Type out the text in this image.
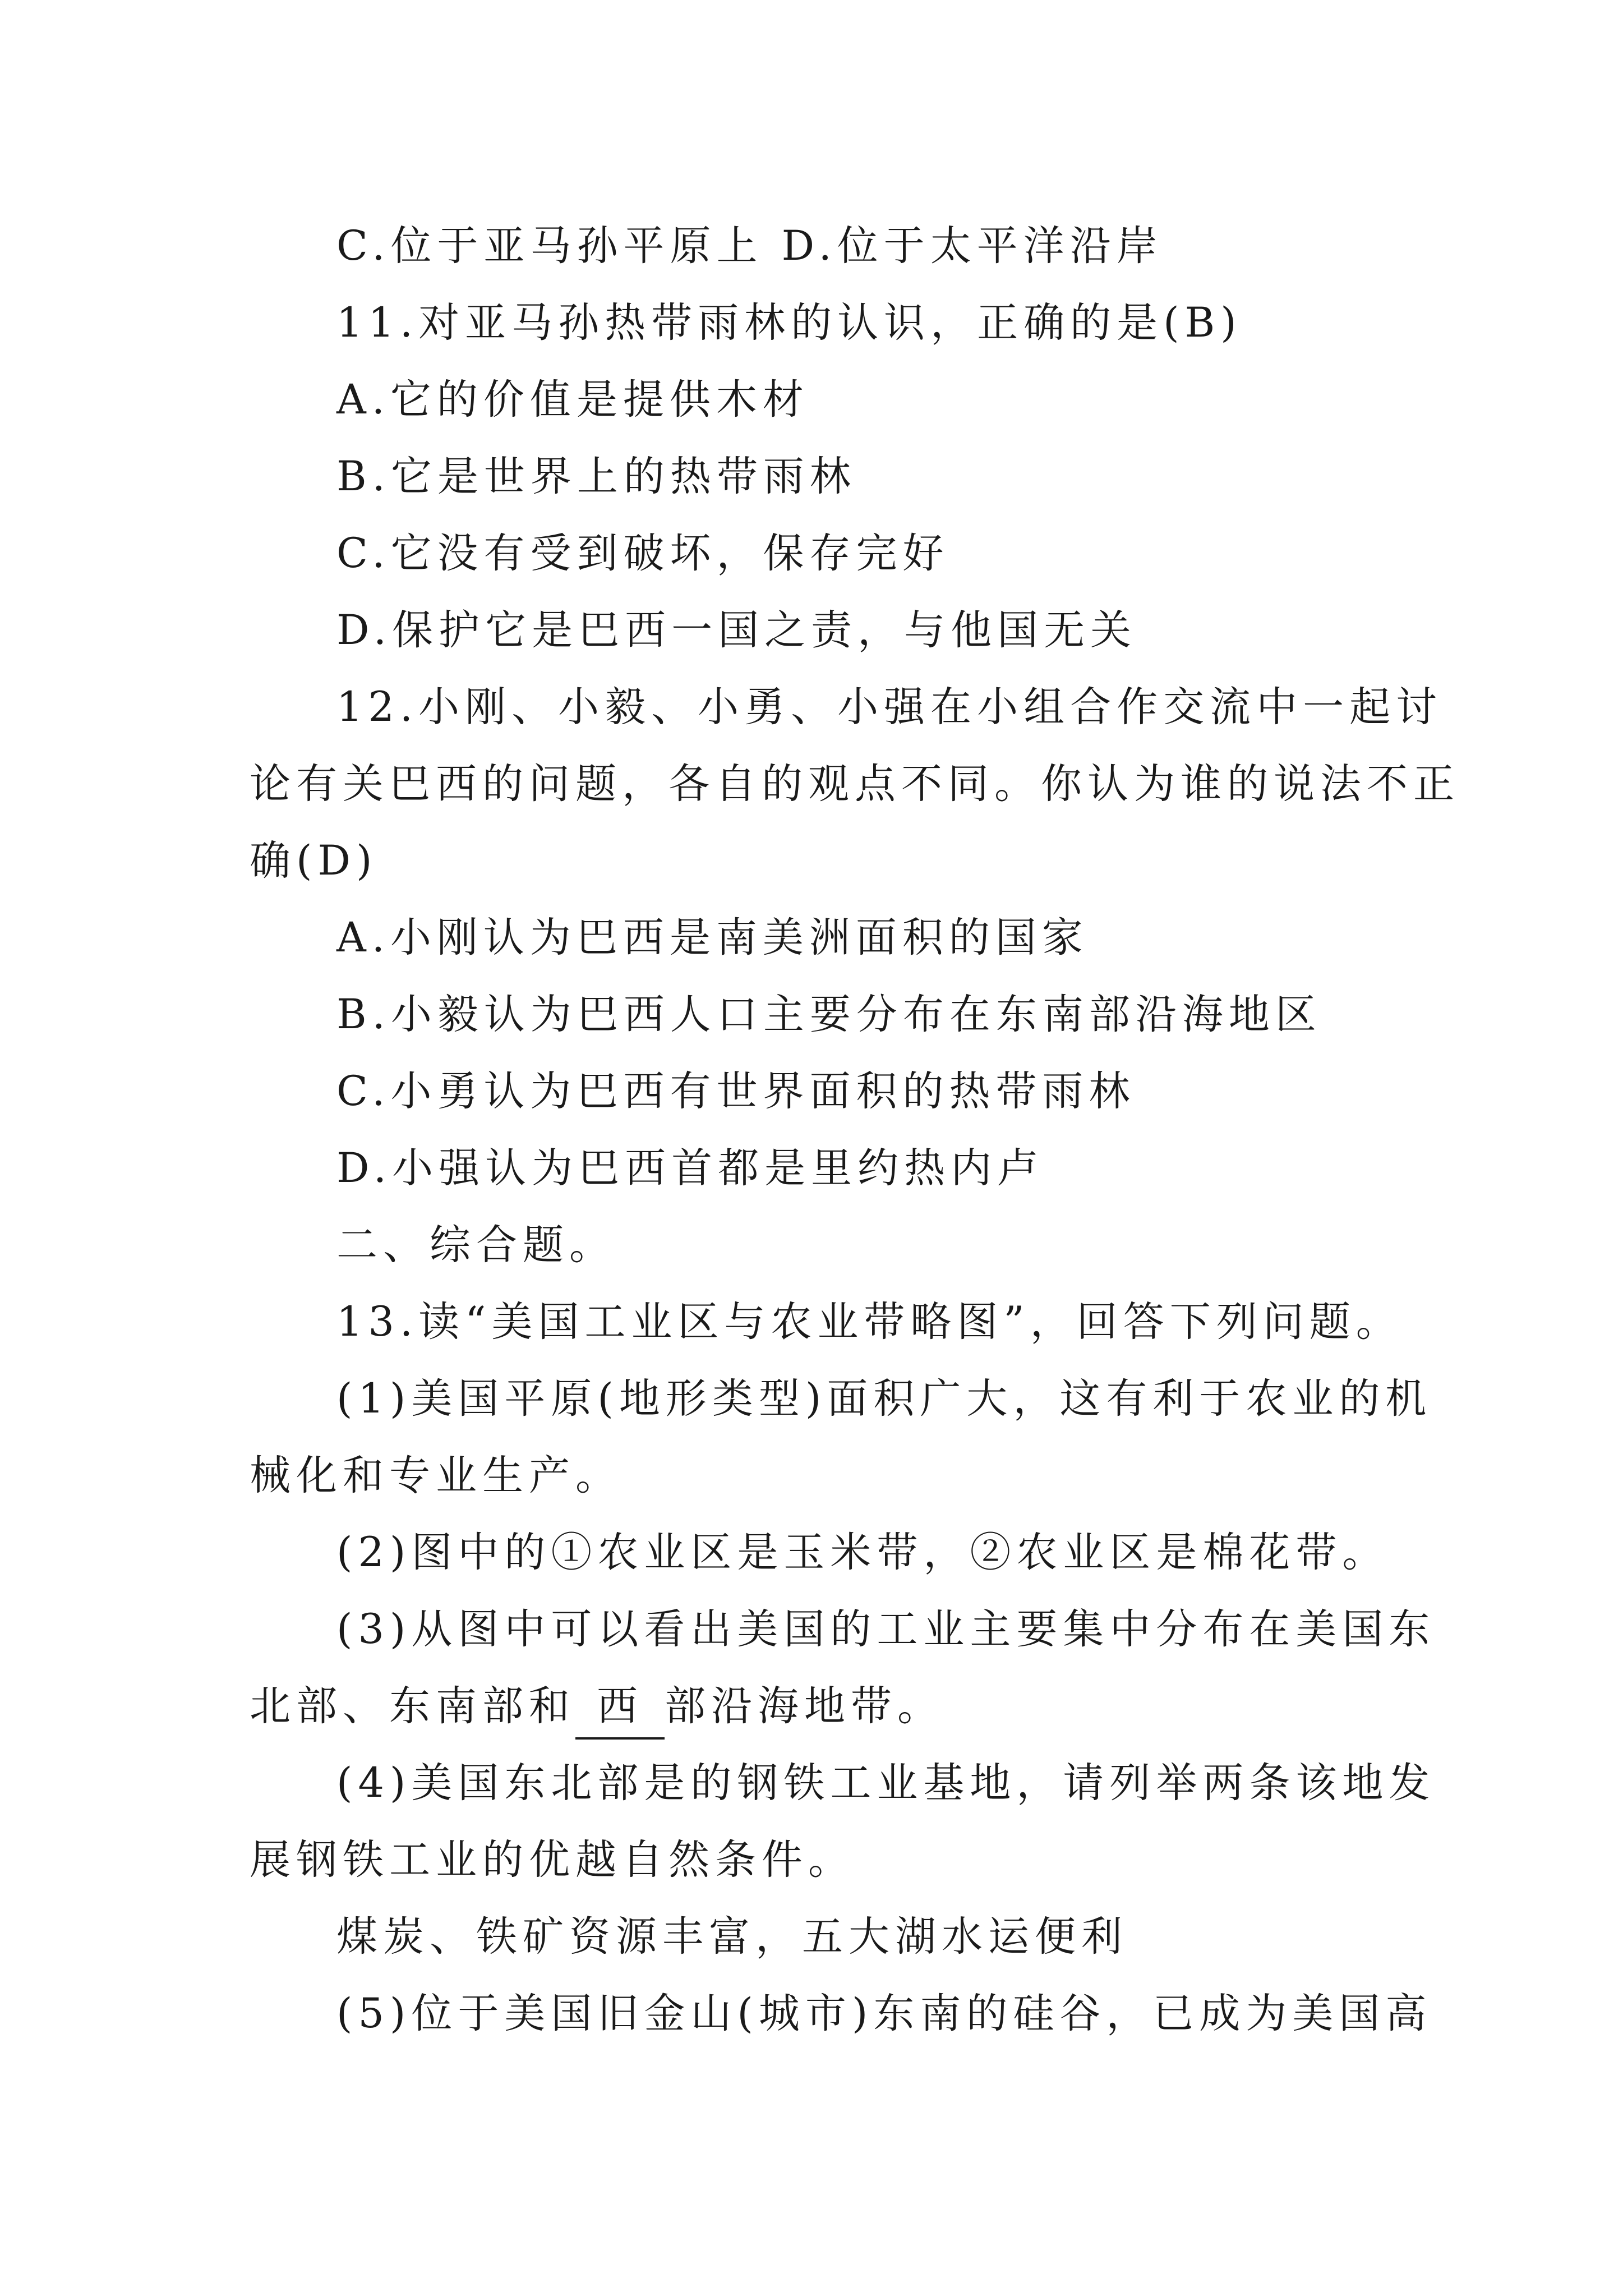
C.位于亚马孙平原上 D.位于太平洋沿岸
11.对亚马孙热带雨林的认识，正确的是(B)
A.它的价值是提供木材
B.它是世界上的热带雨林
C.它没有受到破坏，保存完好
D.保护它是巴西一国之责，与他国无关
12.小刚、小毅、小勇、小强在小组合作交流中一起讨
论有关巴西的问题，各自的观点不同。你认为谁的说法不正
确(D)
A.小刚认为巴西是南美洲面积的国家
B.小毅认为巴西人口主要分布在东南部沿海地区
C.小勇认为巴西有世界面积的热带雨林
D.小强认为巴西首都是里约热内卢
二、综合题。
13.读“美国工业区与农业带略图”，回答下列问题。
(1)美国平原(地形类型)面积广大，这有利于农业的机
械化和专业生产。
(2)图中的①农业区是玉米带，②农业区是棉花带。
(3)从图中可以看出美国的工业主要集中分布在美国东
北部、东南部和 西 部沿海地带。
(4)美国东北部是的钢铁工业基地，请列举两条该地发
展钢铁工业的优越自然条件。
煤炭、铁矿资源丰富，五大湖水运便利
(5)位于美国旧金山(城市)东南的硅谷，已成为美国高
